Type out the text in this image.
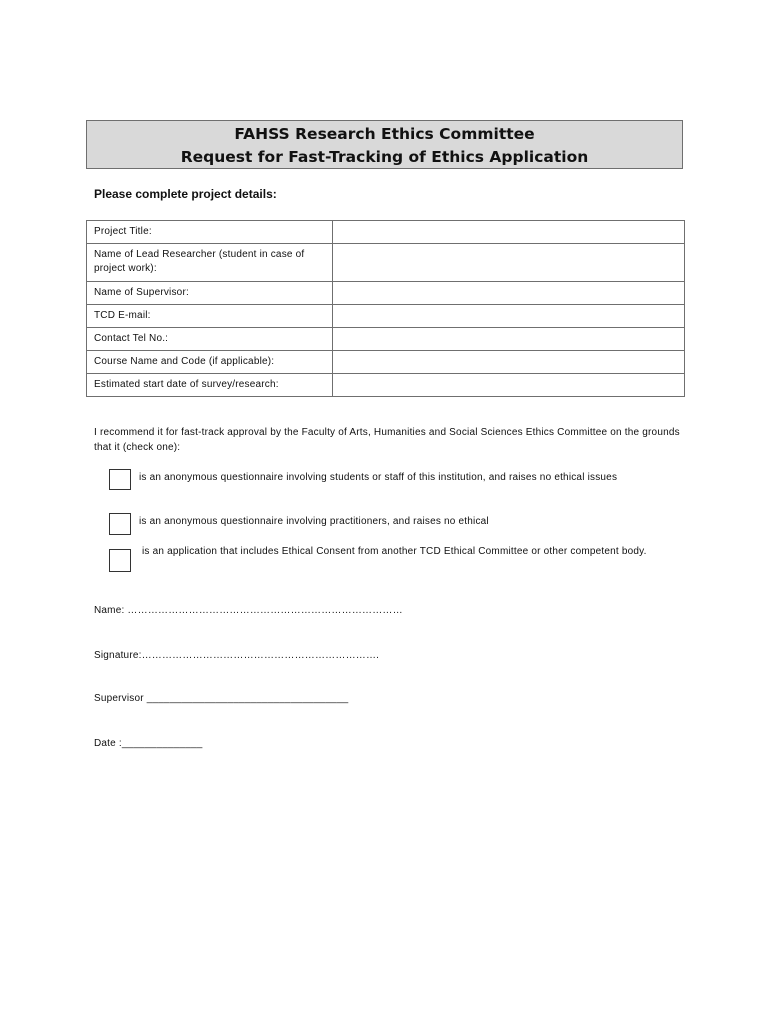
FAHSS Research Ethics Committee
Request for Fast-Tracking of Ethics Application
Please complete project details:
Project Title:	
Name of Lead Researcher (student in case of project work):	
Name of Supervisor:	
TCD E-mail:	
Contact Tel No.:	
Course Name and Code (if applicable):	
Estimated start date of survey/research:	
I recommend it for fast-track approval by the Faculty of Arts, Humanities and Social Sciences Ethics Committee on the grounds that it (check one):
is an anonymous questionnaire involving students or staff of this institution, and raises no ethical issues
is an anonymous questionnaire involving practitioners, and raises no ethical
is an application that includes Ethical Consent from another TCD Ethical Committee or other competent body.
Name: ………………………………………………………………………
Signature:…………………………………………………………….
Supervisor ___________________________________
Date :______________
